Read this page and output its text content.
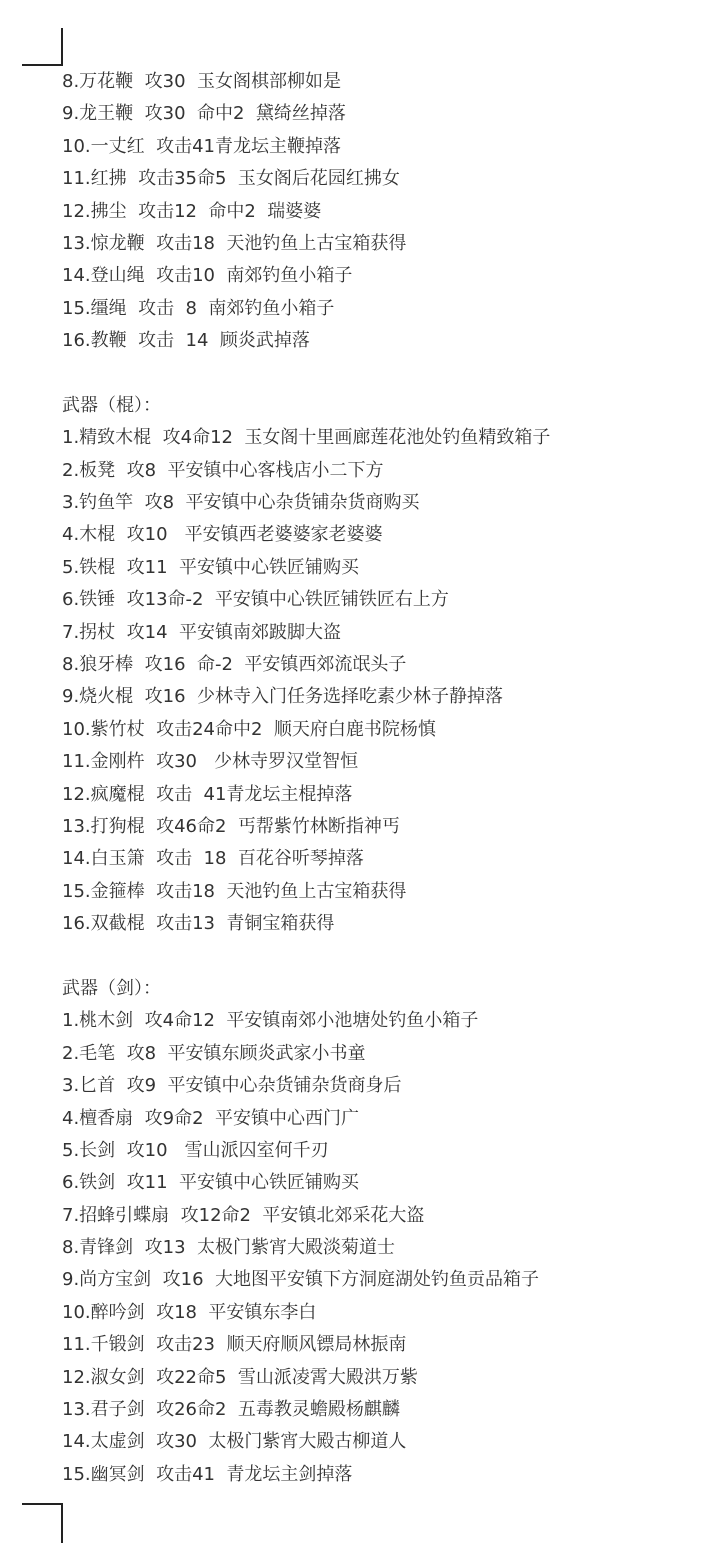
8.万花鞭  攻30  玉女阁棋部柳如是
9.龙王鞭  攻30  命中2  黛绮丝掉落
10.一丈红  攻击41青龙坛主鞭掉落
11.红拂  攻击35命5  玉女阁后花园红拂女
12.拂尘  攻击12  命中2  瑞婆婆
13.惊龙鞭  攻击18  天池钓鱼上古宝箱获得
14.登山绳  攻击10  南郊钓鱼小箱子
15.缰绳  攻击  8  南郊钓鱼小箱子
16.教鞭  攻击  14  顾炎武掉落
武器（棍）：
1.精致木棍  攻4命12  玉女阁十里画廊莲花池处钓鱼精致箱子
2.板凳  攻8  平安镇中心客栈店小二下方
3.钓鱼竿  攻8  平安镇中心杂货铺杂货商购买
4.木棍  攻10   平安镇西老婆婆家老婆婆
5.铁棍  攻11  平安镇中心铁匠铺购买
6.铁锤  攻13命-2  平安镇中心铁匠铺铁匠右上方
7.拐杖  攻14  平安镇南郊跛脚大盗
8.狼牙棒  攻16  命-2  平安镇西郊流氓头子
9.烧火棍  攻16  少林寺入门任务选择吃素少林子静掉落
10.紫竹杖  攻击24命中2  顺天府白鹿书院杨慎
11.金刚杵  攻30   少林寺罗汉堂智恒
12.疯魔棍  攻击  41青龙坛主棍掉落
13.打狗棍  攻46命2  丐帮紫竹林断指神丐
14.白玉箫  攻击  18  百花谷听琴掉落
15.金箍棒  攻击18  天池钓鱼上古宝箱获得
16.双截棍  攻击13  青铜宝箱获得
武器（剑）：
1.桃木剑  攻4命12  平安镇南郊小池塘处钓鱼小箱子
2.毛笔  攻8  平安镇东顾炎武家小书童
3.匕首  攻9  平安镇中心杂货铺杂货商身后
4.檀香扇  攻9命2  平安镇中心西门广
5.长剑  攻10   雪山派囚室何千刃
6.铁剑  攻11  平安镇中心铁匠铺购买
7.招蜂引蝶扇  攻12命2  平安镇北郊采花大盗
8.青锋剑  攻13  太极门紫宵大殿淡菊道士
9.尚方宝剑  攻16  大地图平安镇下方洞庭湖处钓鱼贡品箱子
10.醉吟剑  攻18  平安镇东李白
11.千锻剑  攻击23  顺天府顺风镖局林振南
12.淑女剑  攻22命5  雪山派凌霄大殿洪万紫
13.君子剑  攻26命2  五毒教灵蟾殿杨麒麟
14.太虚剑  攻30  太极门紫宵大殿古柳道人
15.幽冥剑  攻击41  青龙坛主剑掉落
